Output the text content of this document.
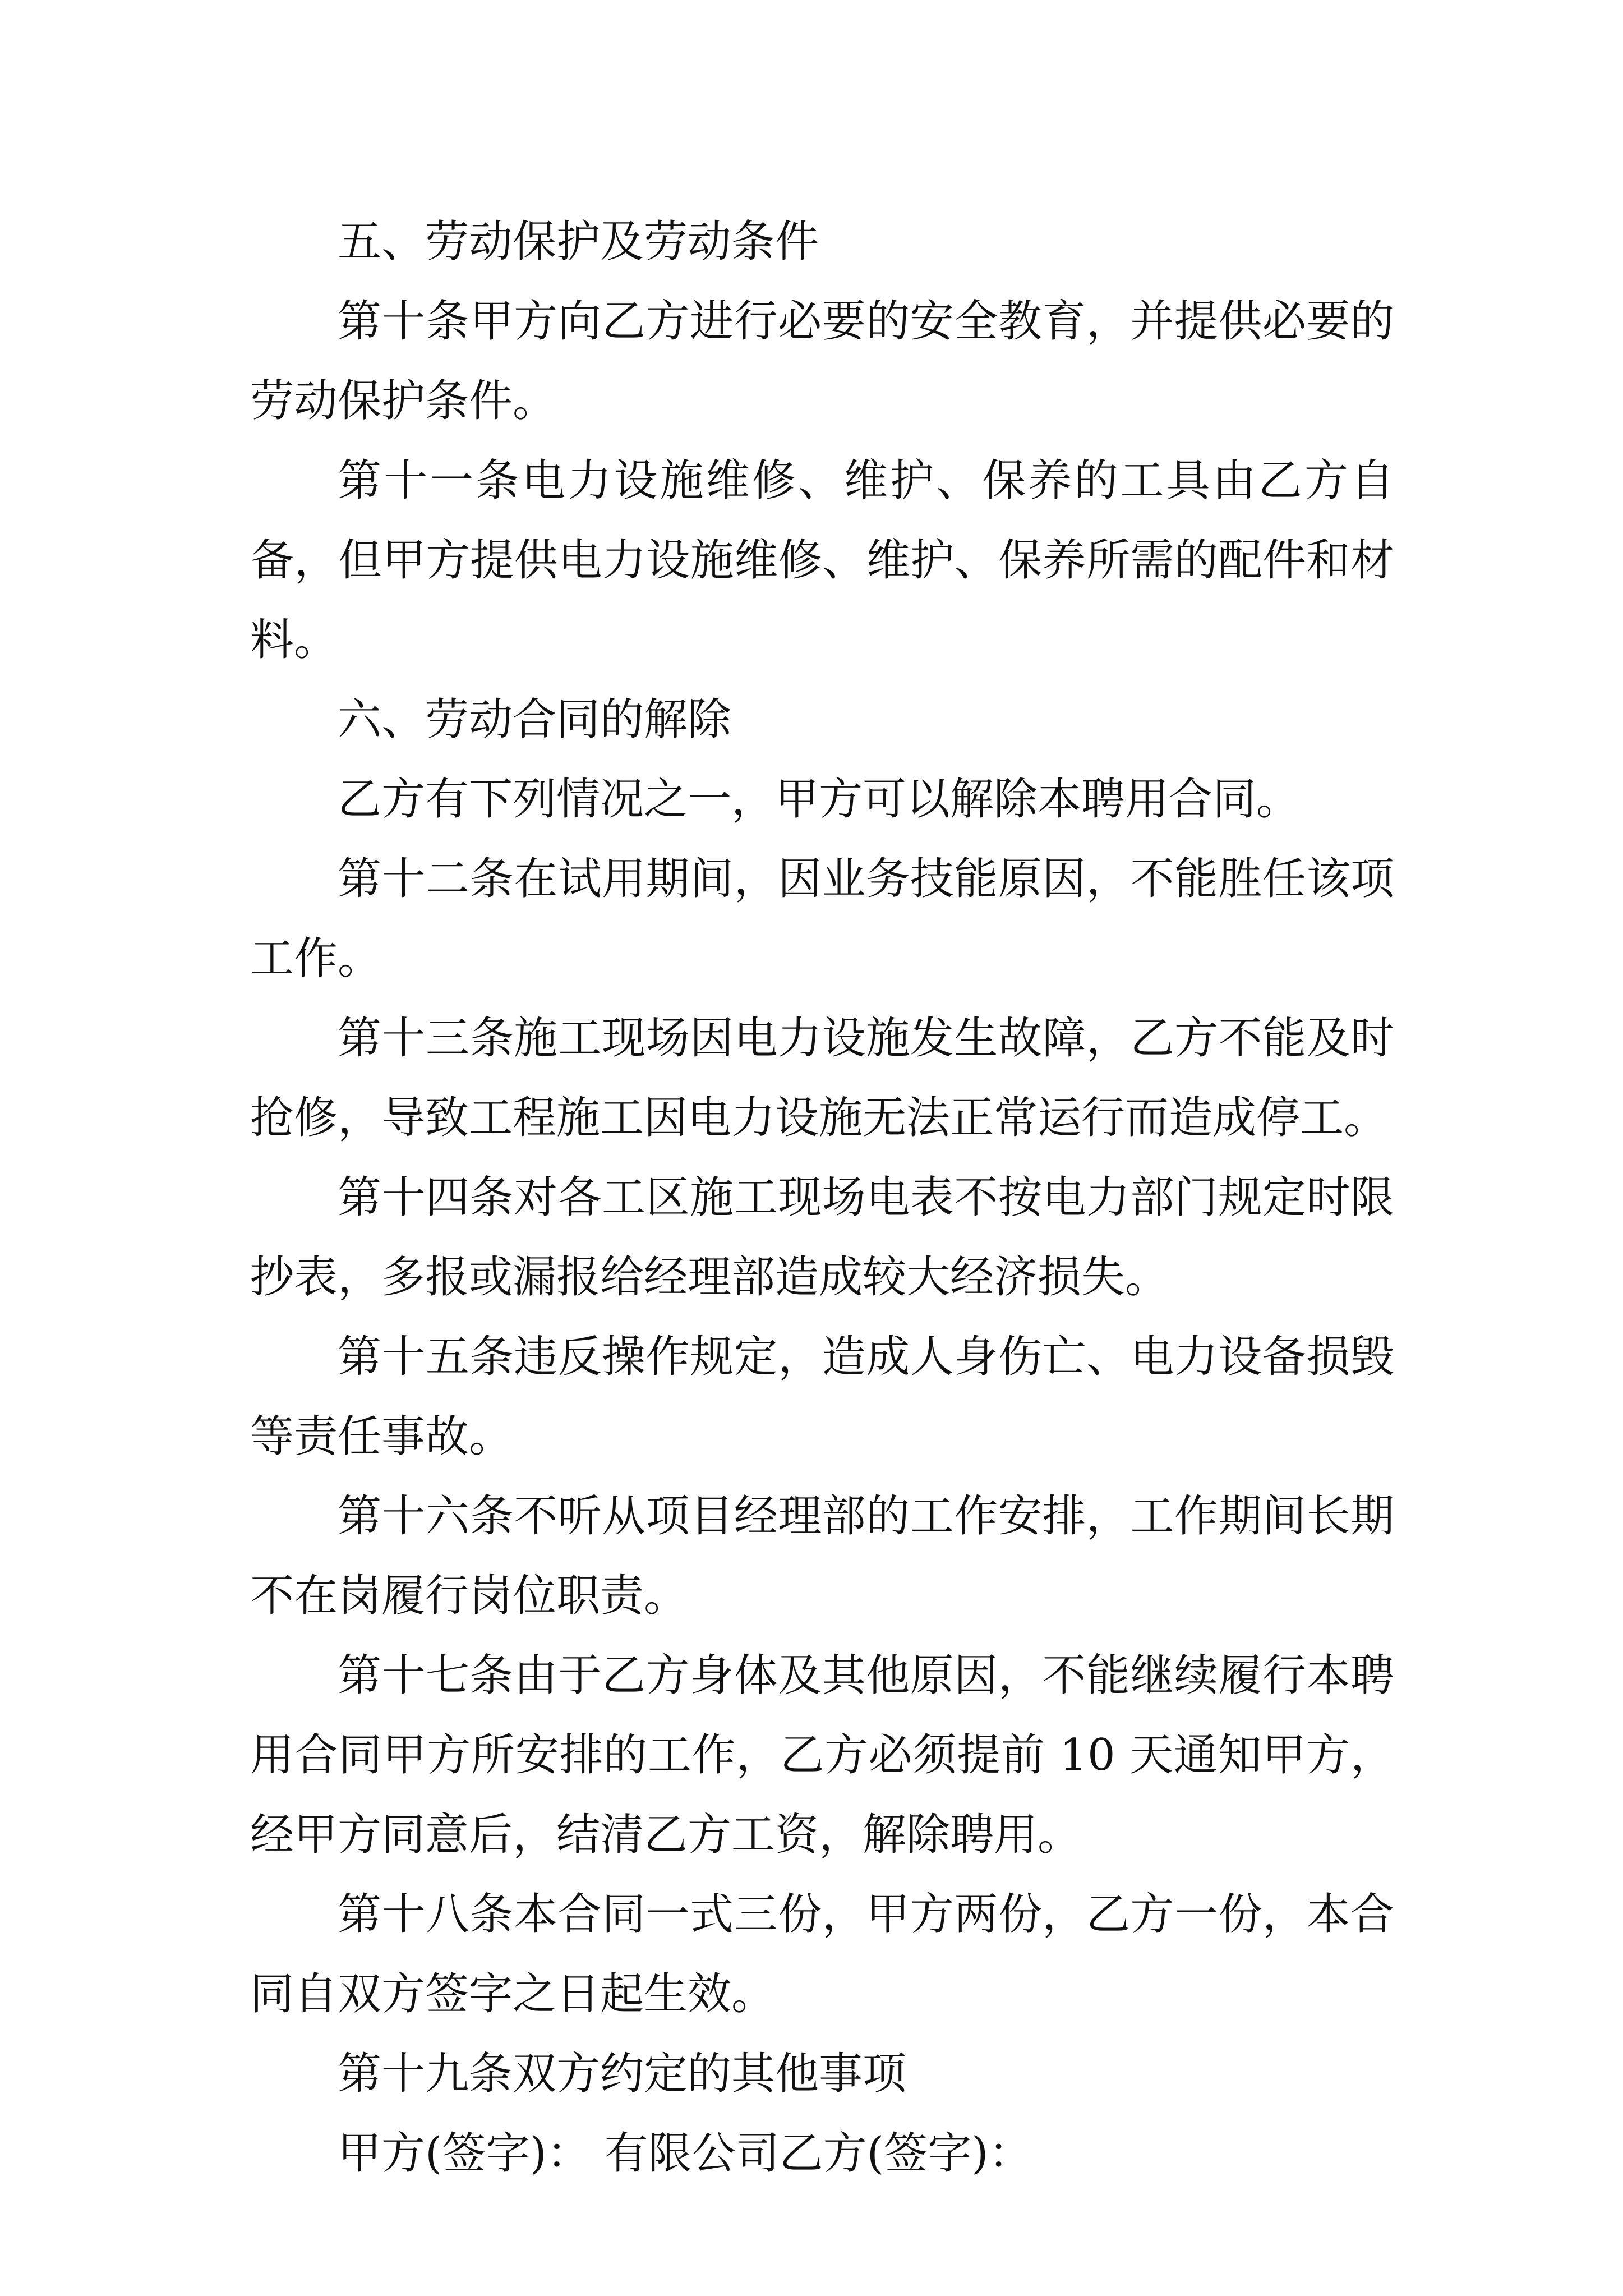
五、劳动保护及劳动条件

第十条甲方向乙方进行必要的安全教育，并提供必要的劳动保护条件。

第十一条电力设施维修、维护、保养的工具由乙方自备，但甲方提供电力设施维修、维护、保养所需的配件和材料。

六、劳动合同的解除

乙方有下列情况之一，甲方可以解除本聘用合同。

第十二条在试用期间，因业务技能原因，不能胜任该项工作。

第十三条施工现场因电力设施发生故障，乙方不能及时抢修，导致工程施工因电力设施无法正常运行而造成停工。

第十四条对各工区施工现场电表不按电力部门规定时限抄表，多报或漏报给经理部造成较大经济损失。

第十五条违反操作规定，造成人身伤亡、电力设备损毁等责任事故。

第十六条不听从项目经理部的工作安排，工作期间长期不在岗履行岗位职责。

第十七条由于乙方身体及其他原因，不能继续履行本聘用合同甲方所安排的工作，乙方必须提前 10 天通知甲方，经甲方同意后，结清乙方工资，解除聘用。

第十八条本合同一式三份，甲方两份，乙方一份，本合同自双方签字之日起生效。

第十九条双方约定的其他事项

甲方(签字)： 有限公司乙方(签字)：
